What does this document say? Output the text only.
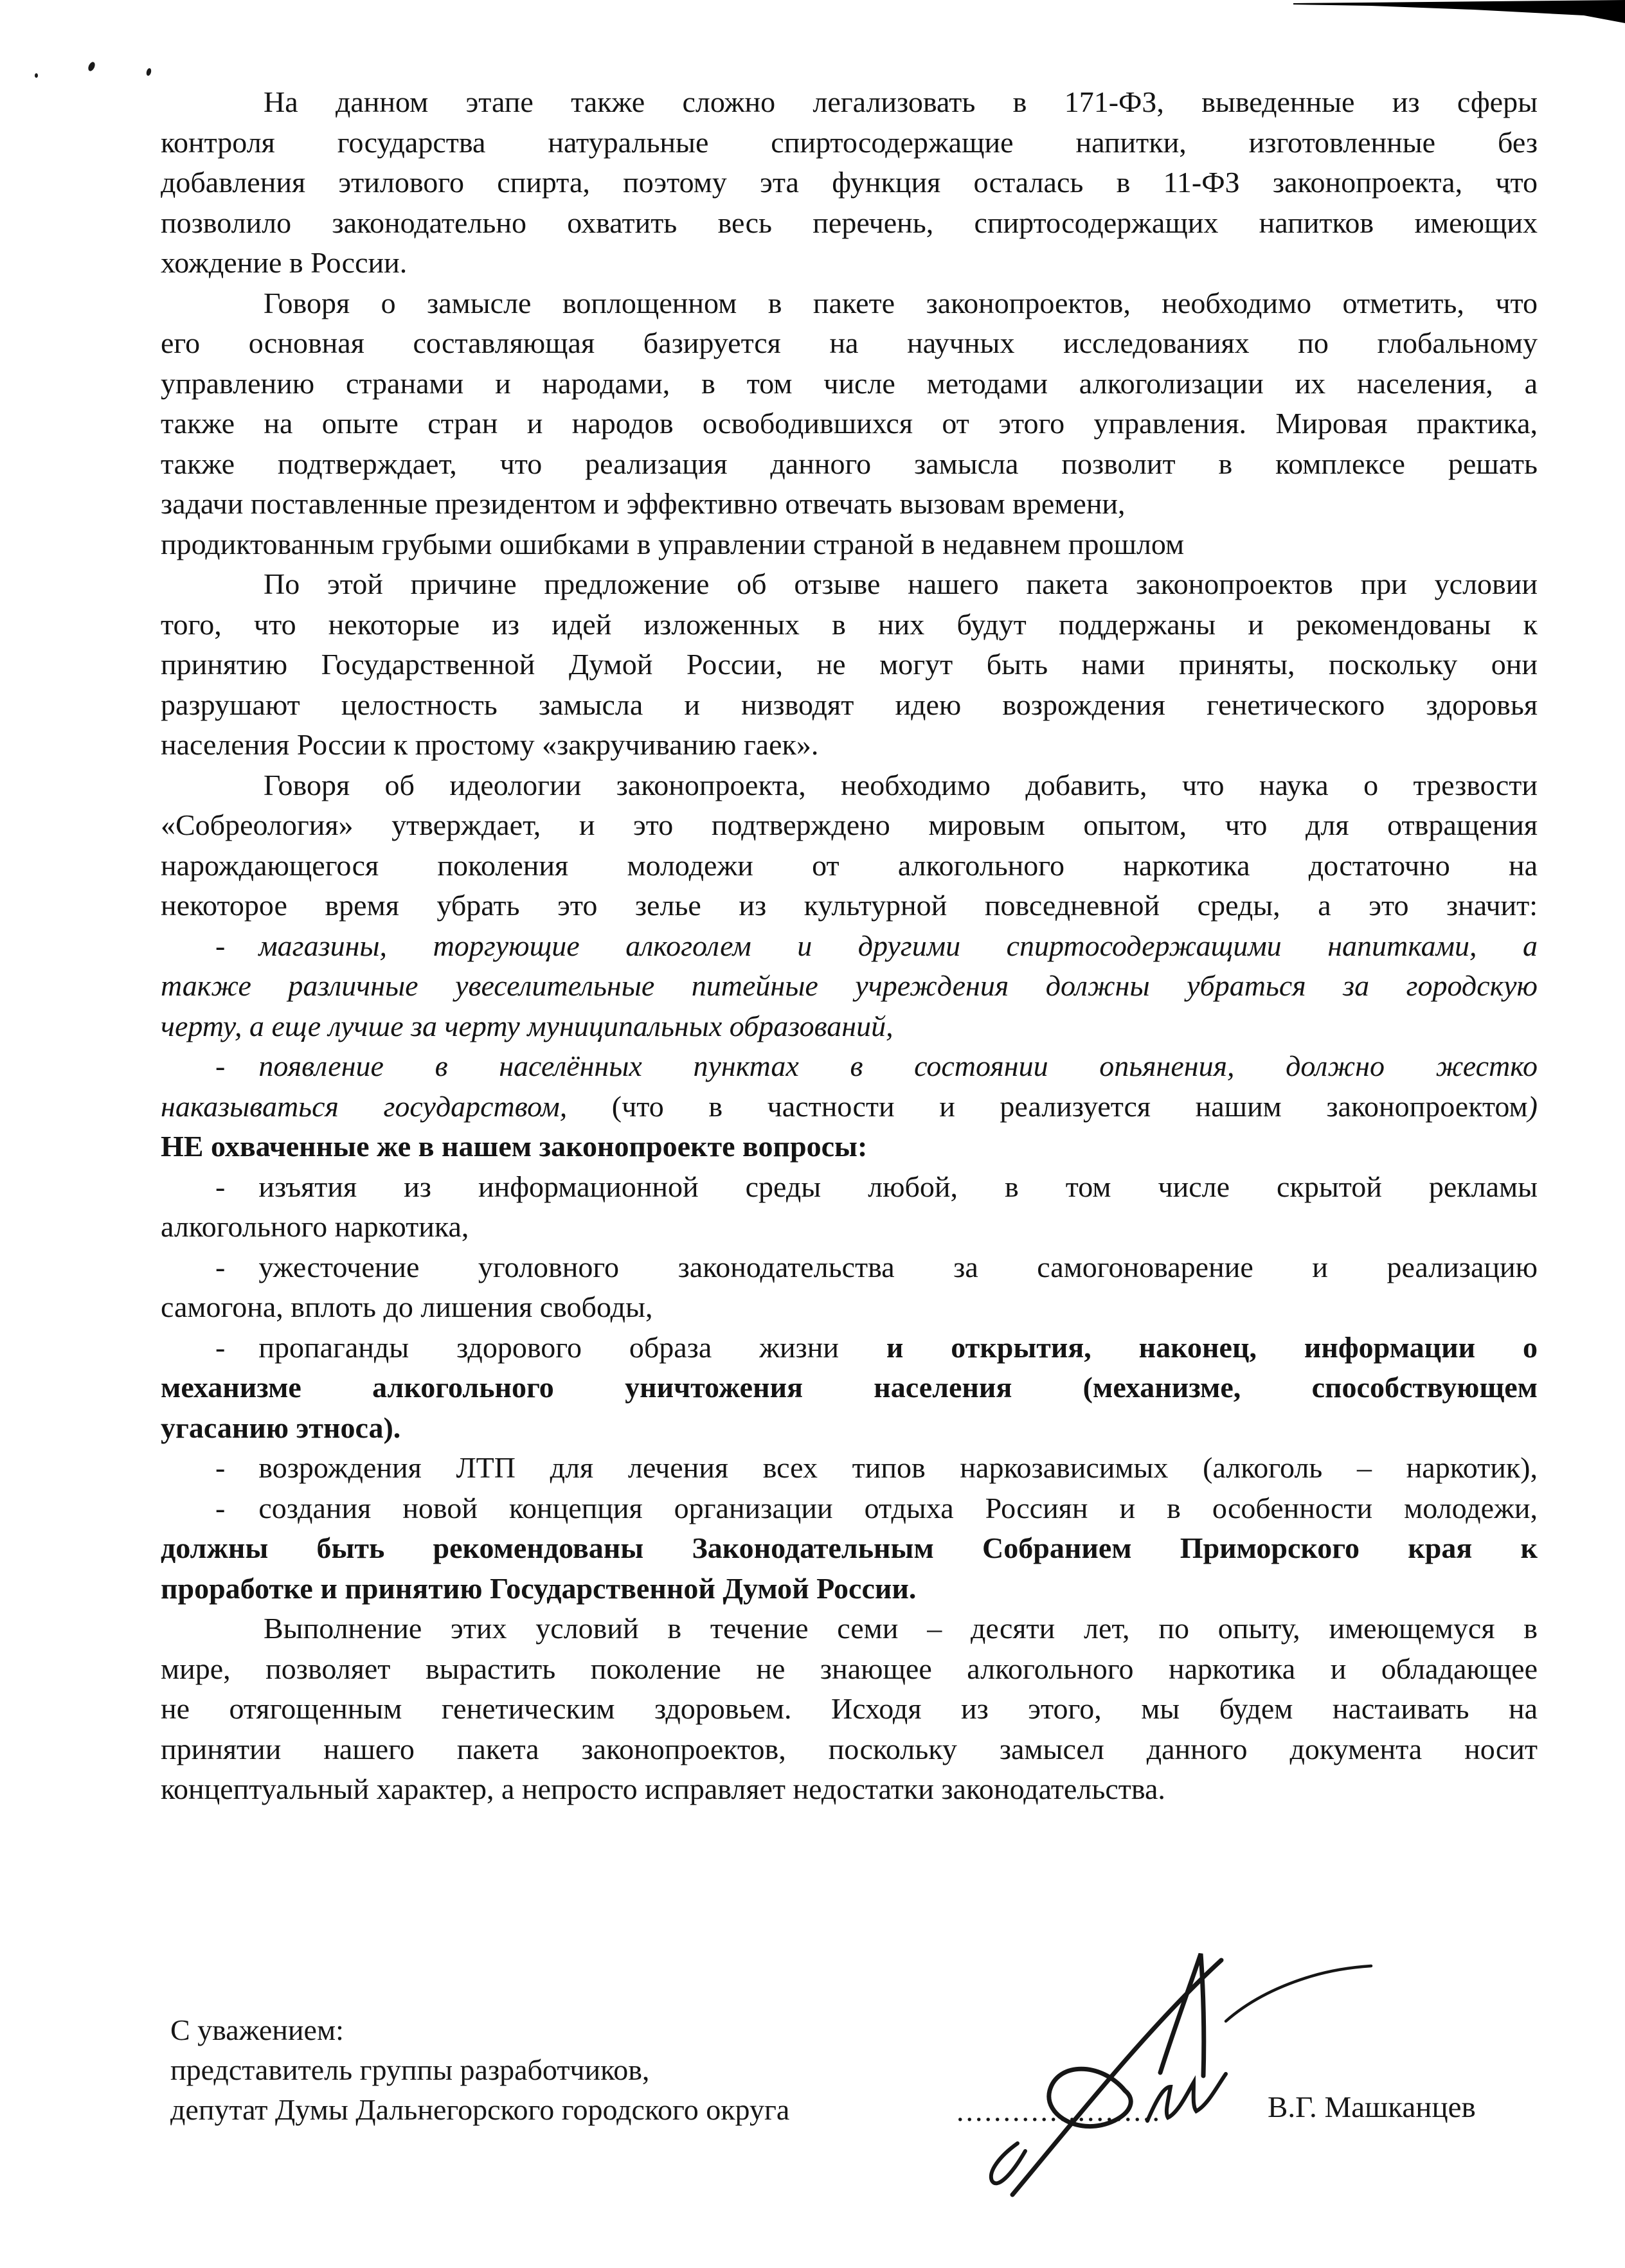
На данном этапе также сложно легализовать в 171-ФЗ, выведенные из сферы
контроля государства натуральные спиртосодержащие напитки, изготовленные без
добавления этилового спирта, поэтому эта функция осталась в 11-ФЗ законопроекта, что
позволило законодательно охватить весь перечень, спиртосодержащих напитков имеющих
хождение в России.
Говоря о замысле воплощенном в пакете законопроектов, необходимо отметить, что
его основная составляющая базируется на научных исследованиях по глобальному
управлению странами и народами, в том числе методами алкоголизации их населения, а
также на опыте стран и народов освободившихся от этого управления. Мировая практика,
также подтверждает, что реализация данного замысла позволит в комплексе решать
задачи поставленные президентом и эффективно отвечать вызовам времени,
продиктованным грубыми ошибками в управлении страной в недавнем прошлом
По этой причине предложение об отзыве нашего пакета законопроектов при условии
того, что некоторые из идей изложенных в них будут поддержаны и рекомендованы к
принятию Государственной Думой России, не могут быть нами приняты, поскольку они
разрушают целостность замысла и низводят идею возрождения генетического здоровья
населения России к простому «закручиванию гаек».
Говоря об идеологии законопроекта, необходимо добавить, что наука о трезвости
«Собреология» утверждает, и это подтверждено мировым опытом, что для отвращения
нарождающегося поколения молодежи от алкогольного наркотика достаточно на
некоторое время убрать это зелье из культурной повседневной среды, а это значит:
- магазины, торгующие алкоголем и другими спиртосодержащими напитками, а
также различные увеселительные питейные учреждения должны убраться за городскую
черту, а еще лучше за черту муниципальных образований,
- появление в населённых пунктах в состоянии опьянения, должно жестко
наказываться государством, (что в частности и реализуется нашим законопроектом)
НЕ охваченные же в нашем законопроекте вопросы:
- изъятия из информационной среды любой, в том числе скрытой рекламы
алкогольного наркотика,
- ужесточение уголовного законодательства за самогоноварение и реализацию
самогона, вплоть до лишения свободы,
- пропаганды здорового образа жизни и открытия, наконец, информации о
механизме алкогольного уничтожения населения (механизме, способствующем
угасанию этноса).
- возрождения ЛТП для лечения всех типов наркозависимых (алкоголь – наркотик),
- создания новой концепция организации отдыха Россиян и в особенности молодежи,
должны быть рекомендованы Законодательным Собранием Приморского края к
проработке и принятию Государственной Думой России.
Выполнение этих условий в течение семи – десяти лет, по опыту, имеющемуся в
мире, позволяет вырастить поколение не знающее алкогольного наркотика и обладающее
не отягощенным генетическим здоровьем. Исходя из этого, мы будем настаивать на
принятии нашего пакета законопроектов, поскольку замысел данного документа носит
концептуальный характер, а непросто исправляет недостатки законодательства.
С уважением:
представитель группы разработчиков,
депутат Думы Дальнегорского городского округа	......................	В.Г. Машканцев
